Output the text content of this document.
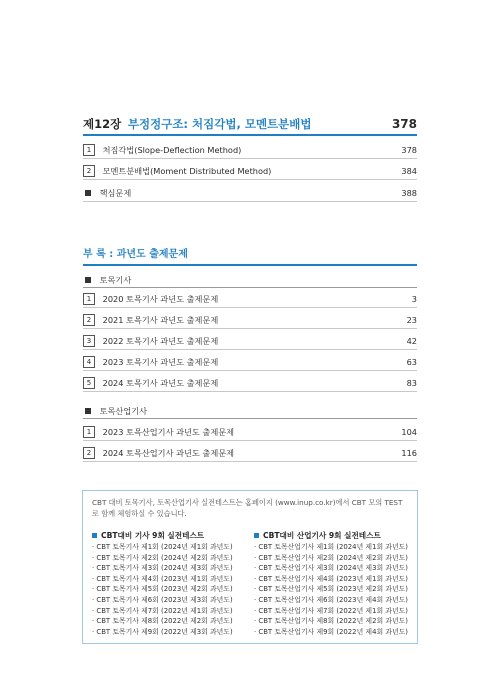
제12장 부정정구조: 처짐각법, 모멘트분배법	378
1 처짐각법(Slope-Deflection Method)	378
2 모멘트분배법(Moment Distributed Method)	384
핵심문제	388
부 록 : 과년도 출제문제
토목기사
1 2020 토목기사 과년도 출제문제	3
2 2021 토목기사 과년도 출제문제	23
3 2022 토목기사 과년도 출제문제	42
4 2023 토목기사 과년도 출제문제	63
5 2024 토목기사 과년도 출제문제	83
토목산업기사
1 2023 토목산업기사 과년도 출제문제	104
2 2024 토목산업기사 과년도 출제문제	116
CBT 대비 토목기사, 토목산업기사 실전테스트는 홈페이지 (www.inup.co.kr)에서 CBT 모의 TEST
로 함께 체험하실 수 있습니다.
CBT대비 기사 9회 실전테스트
· CBT 토목기사 제1회 (2024년 제1회 과년도)
· CBT 토목기사 제2회 (2024년 제2회 과년도)
· CBT 토목기사 제3회 (2024년 제3회 과년도)
· CBT 토목기사 제4회 (2023년 제1회 과년도)
· CBT 토목기사 제5회 (2023년 제2회 과년도)
· CBT 토목기사 제6회 (2023년 제3회 과년도)
· CBT 토목기사 제7회 (2022년 제1회 과년도)
· CBT 토목기사 제8회 (2022년 제2회 과년도)
· CBT 토목기사 제9회 (2022년 제3회 과년도)
CBT대비 산업기사 9회 실전테스트
· CBT 토목산업기사 제1회 (2024년 제1회 과년도)
· CBT 토목산업기사 제2회 (2024년 제2회 과년도)
· CBT 토목산업기사 제3회 (2024년 제3회 과년도)
· CBT 토목산업기사 제4회 (2023년 제1회 과년도)
· CBT 토목산업기사 제5회 (2023년 제2회 과년도)
· CBT 토목산업기사 제6회 (2023년 제4회 과년도)
· CBT 토목산업기사 제7회 (2022년 제1회 과년도)
· CBT 토목산업기사 제8회 (2022년 제2회 과년도)
· CBT 토목산업기사 제9회 (2022년 제4회 과년도)
